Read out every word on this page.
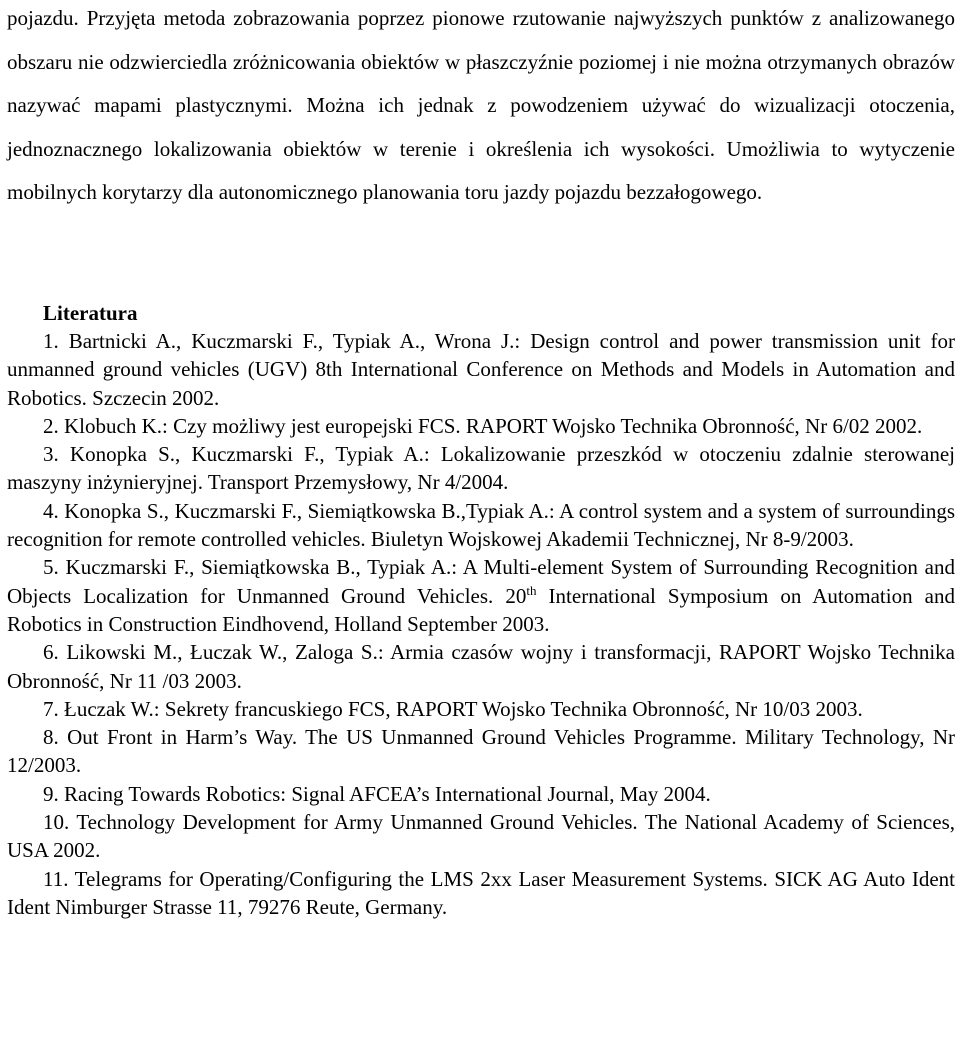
pojazdu. Przyjęta metoda zobrazowania poprzez pionowe rzutowanie najwyższych punktów z analizowanego obszaru nie odzwierciedla zróżnicowania obiektów w płaszczyźnie poziomej i nie można otrzymanych obrazów nazywać mapami plastycznymi. Można ich jednak z powodzeniem używać do wizualizacji otoczenia, jednoznacznego lokalizowania obiektów w terenie i określenia ich wysokości. Umożliwia to wytyczenie mobilnych korytarzy dla autonomicznego planowania toru jazdy pojazdu bezzałogowego.

Literatura
1. Bartnicki A., Kuczmarski F., Typiak A., Wrona J.: Design control and power transmission unit for unmanned ground vehicles (UGV) 8th International Conference on Methods and Models in Automation and Robotics. Szczecin 2002.
2. Klobuch K.: Czy możliwy jest europejski FCS. RAPORT Wojsko Technika Obronność, Nr 6/02 2002.
3. Konopka S., Kuczmarski F., Typiak A.: Lokalizowanie przeszkód w otoczeniu zdalnie sterowanej maszyny inżynieryjnej. Transport Przemysłowy, Nr 4/2004.
4. Konopka S., Kuczmarski F., Siemiątkowska B.,Typiak A.: A control system and a system of surroundings recognition for remote controlled vehicles. Biuletyn Wojskowej Akademii Technicznej, Nr 8-9/2003.
5. Kuczmarski F., Siemiątkowska B., Typiak A.: A Multi-element System of Surrounding Recognition and Objects Localization for Unmanned Ground Vehicles. 20th International Symposium on Automation and Robotics in Construction Eindhovend, Holland September 2003.
6. Likowski M., Łuczak W., Zaloga S.: Armia czasów wojny i transformacji, RAPORT Wojsko Technika Obronność, Nr 11 /03 2003.
7. Łuczak W.: Sekrety francuskiego FCS, RAPORT Wojsko Technika Obronność, Nr 10/03 2003.
8. Out Front in Harm’s Way. The US Unmanned Ground Vehicles Programme. Military Technology, Nr 12/2003.
9. Racing Towards Robotics: Signal AFCEA’s International Journal, May 2004.
10. Technology Development for Army Unmanned Ground Vehicles. The National Academy of Sciences, USA 2002.
11. Telegrams for Operating/Configuring the LMS 2xx Laser Measurement Systems. SICK AG Auto Ident Ident Nimburger Strasse 11, 79276 Reute, Germany.
